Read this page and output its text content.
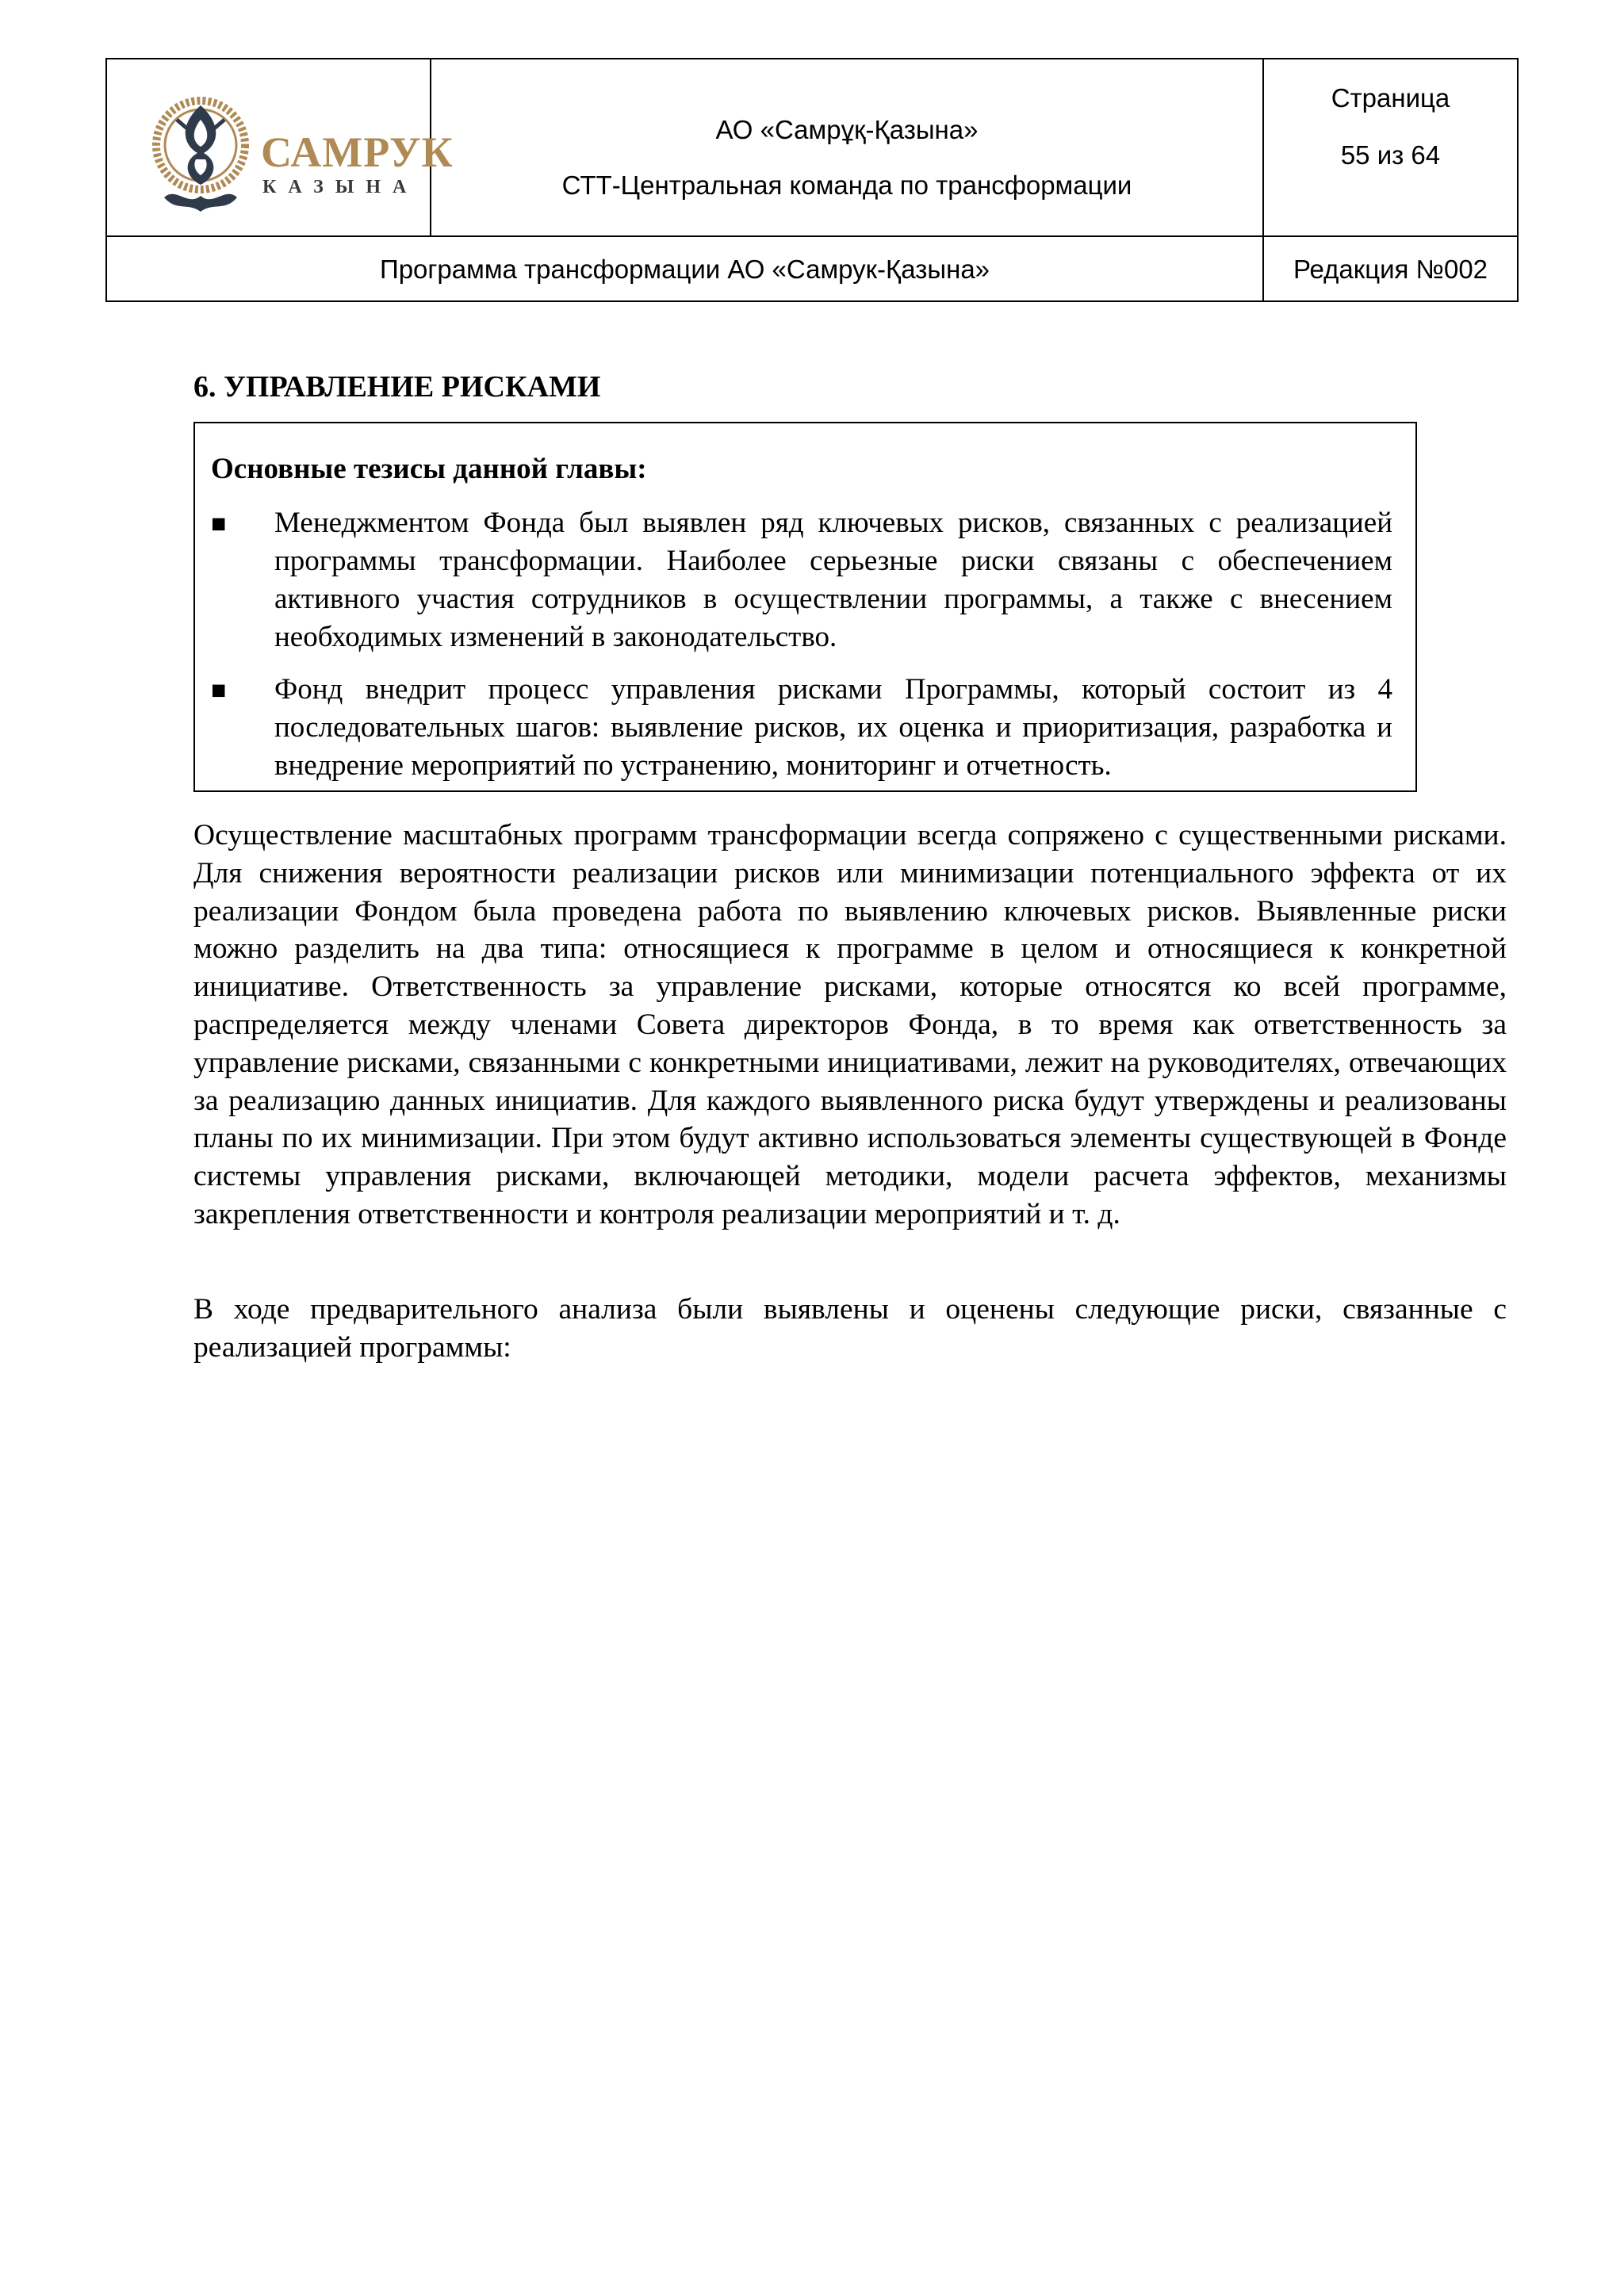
САМРУК
КАЗЫНА
АО «Самрұқ-Қазына»
СТТ-Центральная команда по трансформации
Страница
55 из 64
Программа трансформации АО «Самрук-Қазына»	Редакция №002
6. УПРАВЛЕНИЕ РИСКАМИ
Основные тезисы данной главы:
■ Менеджментом Фонда был выявлен ряд ключевых рисков, связанных с реализацией программы трансформации. Наиболее серьезные риски связаны с обеспечением активного участия сотрудников в осуществлении программы, а также с внесением необходимых изменений в законодательство.
■ Фонд внедрит процесс управления рисками Программы, который состоит из 4 последовательных шагов: выявление рисков, их оценка и приоритизация, разработка и внедрение мероприятий по устранению, мониторинг и отчетность.
Осуществление масштабных программ трансформации всегда сопряжено с существенными рисками. Для снижения вероятности реализации рисков или минимизации потенциального эффекта от их реализации Фондом была проведена работа по выявлению ключевых рисков. Выявленные риски можно разделить на два типа: относящиеся к программе в целом и относящиеся к конкретной инициативе. Ответственность за управление рисками, которые относятся ко всей программе, распределяется между членами Совета директоров Фонда, в то время как ответственность за управление рисками, связанными с конкретными инициативами, лежит на руководителях, отвечающих за реализацию данных инициатив. Для каждого выявленного риска будут утверждены и реализованы планы по их минимизации. При этом будут активно использоваться элементы существующей в Фонде системы управления рисками, включающей методики, модели расчета эффектов, механизмы закрепления ответственности и контроля реализации мероприятий и т. д.
В ходе предварительного анализа были выявлены и оценены следующие риски, связанные с реализацией программы:
